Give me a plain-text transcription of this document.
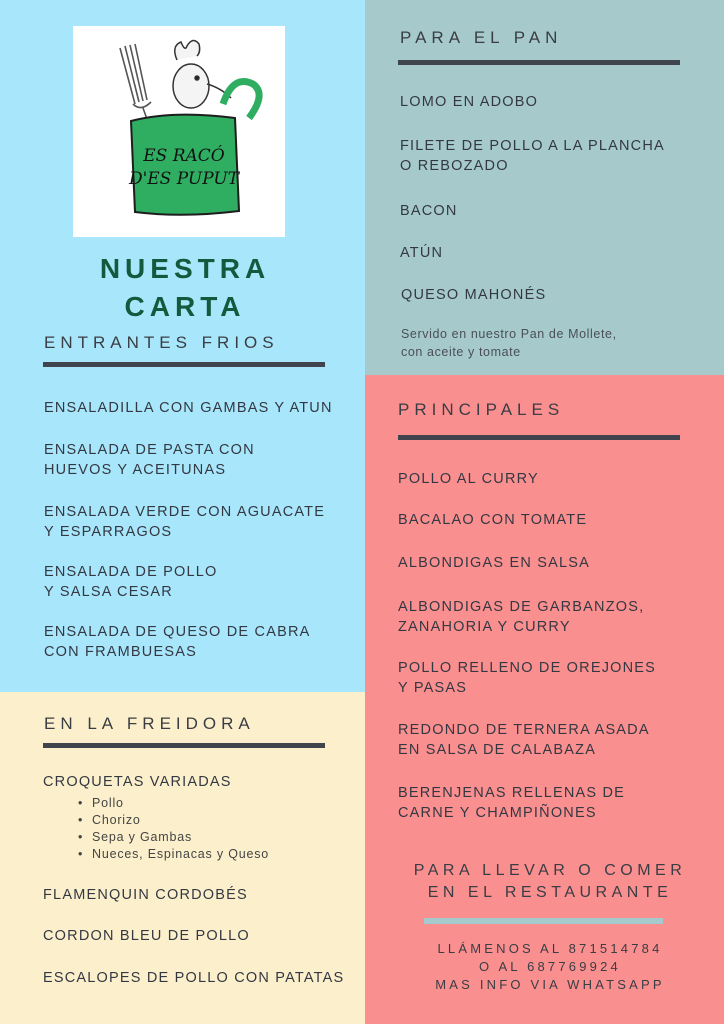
ES RACÓ
D'ES PUPUT
NUESTRA
CARTA
ENTRANTES FRIOS
ENSALADILLA CON GAMBAS Y ATUN
ENSALADA DE PASTA CON
HUEVOS Y ACEITUNAS
ENSALADA VERDE CON AGUACATE
Y ESPARRAGOS
ENSALADA DE POLLO
Y SALSA CESAR
ENSALADA DE QUESO DE CABRA
CON FRAMBUESAS
EN LA FREIDORA
CROQUETAS VARIADAS
• Pollo
• Chorizo
• Sepa y Gambas
• Nueces, Espinacas y Queso
FLAMENQUIN CORDOBÉS
CORDON BLEU DE POLLO
ESCALOPES DE POLLO CON PATATAS
PARA EL PAN
LOMO EN ADOBO
FILETE DE POLLO A LA PLANCHA
O REBOZADO
BACON
ATÚN
QUESO MAHONÉS
Servido en nuestro Pan de Mollete,
con aceite y tomate
PRINCIPALES
POLLO AL CURRY
BACALAO CON TOMATE
ALBONDIGAS EN SALSA
ALBONDIGAS DE GARBANZOS,
ZANAHORIA Y CURRY
POLLO RELLENO DE OREJONES
Y PASAS
REDONDO DE TERNERA ASADA
EN SALSA DE CALABAZA
BERENJENAS RELLENAS DE
CARNE Y CHAMPIÑONES
PARA LLEVAR O COMER
EN EL RESTAURANTE
LLÁMENOS AL 871514784
O AL 687769924
MAS INFO VIA WHATSAPP
